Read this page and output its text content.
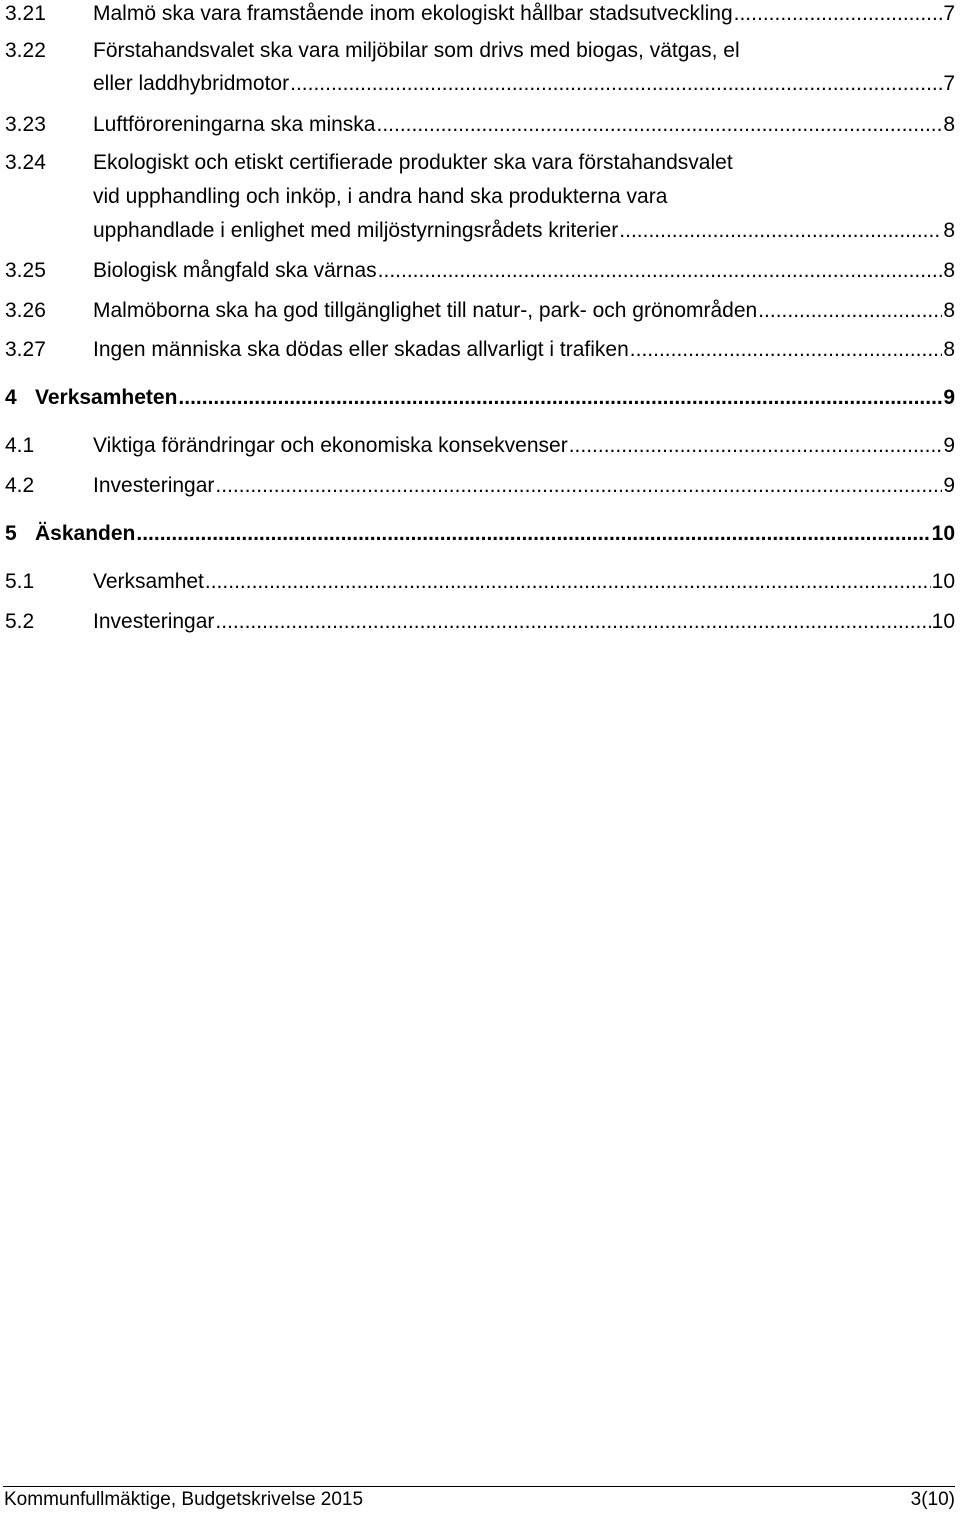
3.21 Malmö ska vara framstående inom ekologiskt hållbar stadsutveckling .....	7
3.22 Förstahandsvalet ska vara miljöbilar som drivs med biogas, vätgas, el
eller laddhybridmotor .....	7
3.23 Luftföroreningarna ska minska .....	8
3.24 Ekologiskt och etiskt certifierade produkter ska vara förstahandsvalet
vid upphandling och inköp, i andra hand ska produkterna vara
upphandlade i enlighet med miljöstyrningsrådets kriterier .....	8
3.25 Biologisk mångfald ska värnas .....	8
3.26 Malmöborna ska ha god tillgänglighet till natur-, park- och grönområden .....	8
3.27 Ingen människa ska dödas eller skadas allvarligt i trafiken .....	8
4 Verksamheten .....	9
4.1	Viktiga förändringar och ekonomiska konsekvenser .....	9
4.2	Investeringar .....	9
5 Äskanden .....	10
5.1	Verksamhet .....	10
5.2	Investeringar .....	10
Kommunfullmäktige, Budgetskrivelse 2015	3(10)
